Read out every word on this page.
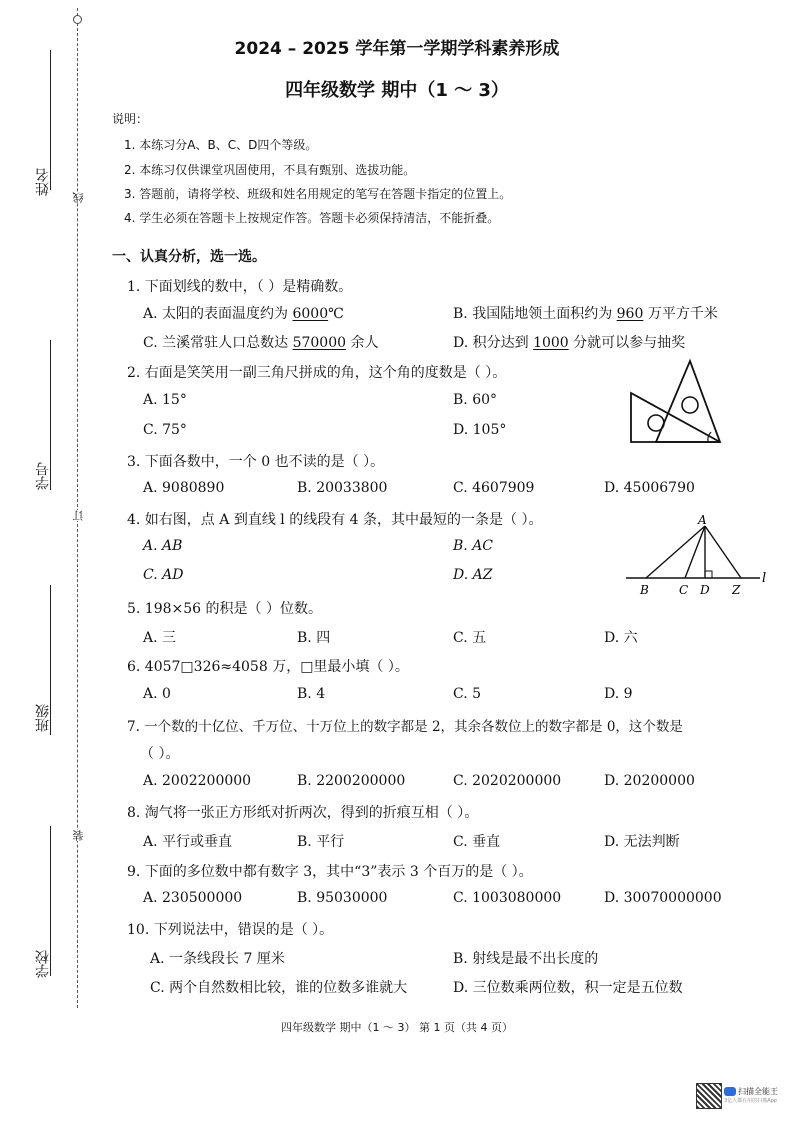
姓名
学号
班级
学校
线
订
装
2024 – 2025 学年第一学期学科素养形成
四年级数学 期中（1 ～ 3）
说明：
1. 本练习分A、B、C、D四个等级。
2. 本练习仅供课堂巩固使用，不具有甄别、选拔功能。
3. 答题前，请将学校、班级和姓名用规定的笔写在答题卡指定的位置上。
4. 学生必须在答题卡上按规定作答。答题卡必须保持清洁，不能折叠。
一、认真分析，选一选。
1. 下面划线的数中，（ ）是精确数。
A. 太阳的表面温度约为 6000℃	B. 我国陆地领土面积约为 960 万平方千米
C. 兰溪常驻人口总数达 570000 余人	D. 积分达到 1000 分就可以参与抽奖
2. 右面是笑笑用一副三角尺拼成的角，这个角的度数是（ ）。
A. 15°	B. 60°
C. 75°	D. 105°
3. 下面各数中，一个 0 也不读的是（ ）。
A. 9080890	B. 20033800	C. 4607909	D. 45006790
4. 如右图，点 A 到直线 l 的线段有 4 条，其中最短的一条是（ ）。
A. AB	B. AC
C. AD	D. AZ
A
B	C D Z
l
5. 198×56 的积是（ ）位数。
A. 三	B. 四	C. 五	D. 六
6. 4057□326≈4058 万，□里最小填（ ）。
A. 0	B. 4	C. 5	D. 9
7. 一个数的十亿位、千万位、十万位上的数字都是 2，其余各数位上的数字都是 0，这个数是
（ ）。
A. 2002200000	B. 2200200000	C. 2020200000	D. 20200000
8. 淘气将一张正方形纸对折两次，得到的折痕互相（ ）。
A. 平行或垂直	B. 平行	C. 垂直	D. 无法判断
9. 下面的多位数中都有数字 3，其中“3”表示 3 个百万的是（ ）。
A. 230500000	B. 95030000	C. 1003080000	D. 30070000000
10. 下列说法中，错误的是（ ）。
A. 一条线段长 7 厘米	B. 射线是最不出长度的
C. 两个自然数相比较，谁的位数多谁就大	D. 三位数乘两位数，积一定是五位数
四年级数学 期中（1 ～ 3） 第 1 页（共 4 页）
扫描全能王
3亿人都在用的扫描App
